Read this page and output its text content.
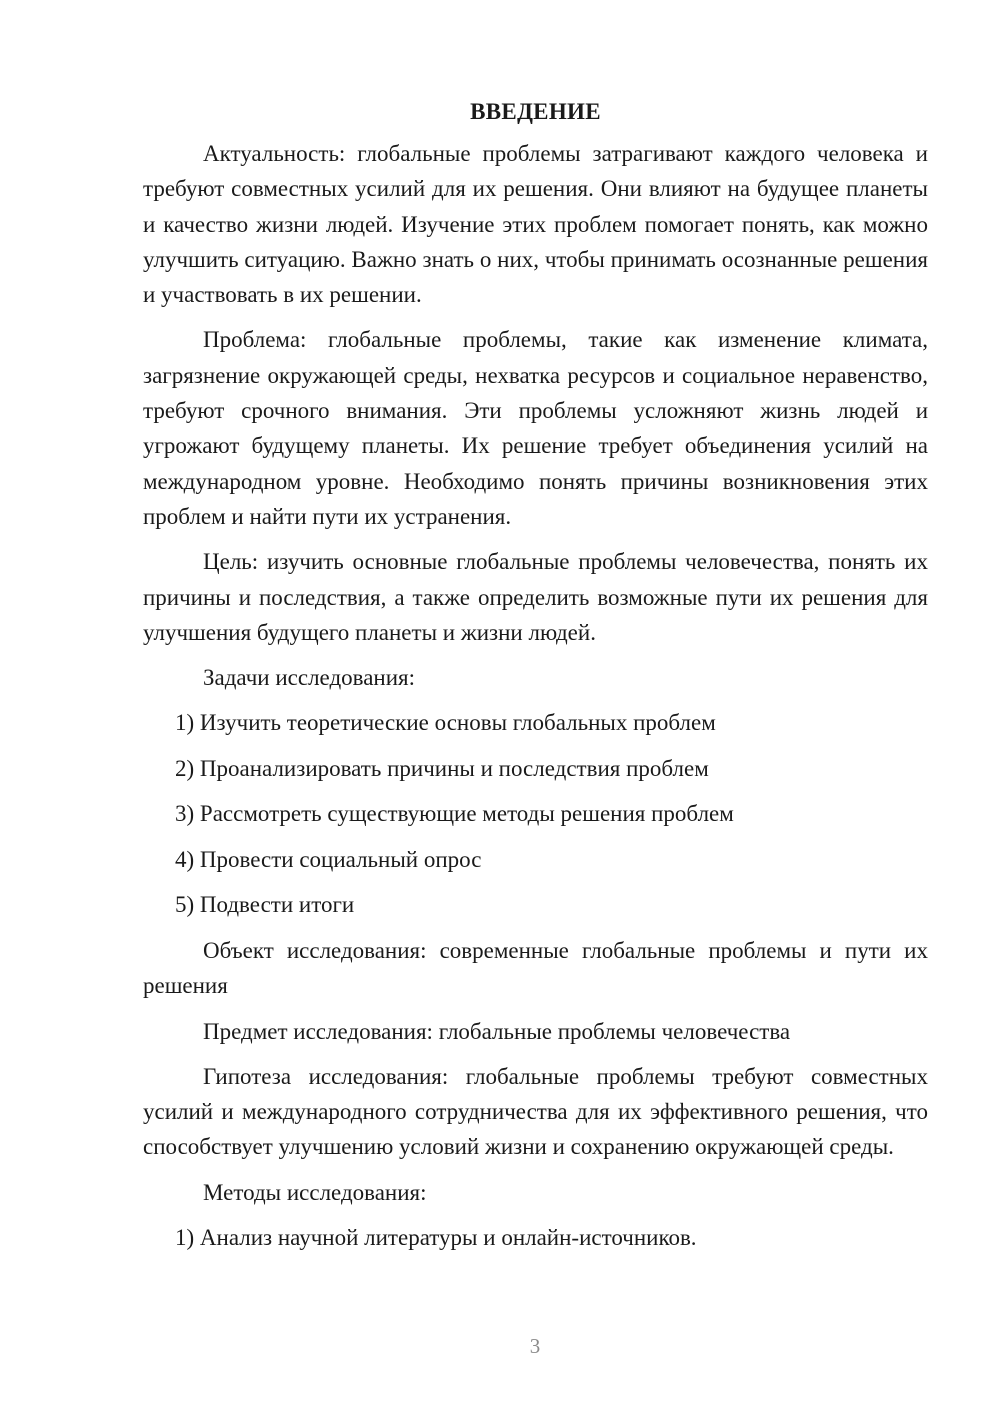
ВВЕДЕНИЕ

Актуальность: глобальные проблемы затрагивают каждого человека и требуют совместных усилий для их решения. Они влияют на будущее планеты и качество жизни людей. Изучение этих проблем помогает понять, как можно улучшить ситуацию. Важно знать о них, чтобы принимать осознанные решения и участвовать в их решении.

Проблема: глобальные проблемы, такие как изменение климата, загрязнение окружающей среды, нехватка ресурсов и социальное неравенство, требуют срочного внимания. Эти проблемы усложняют жизнь людей и угрожают будущему планеты. Их решение требует объединения усилий на международном уровне. Необходимо понять причины возникновения этих проблем и найти пути их устранения.

Цель: изучить основные глобальные проблемы человечества, понять их причины и последствия, а также определить возможные пути их решения для улучшения будущего планеты и жизни людей.

Задачи исследования:

1) Изучить теоретические основы глобальных проблем
2) Проанализировать причины и последствия проблем
3) Рассмотреть существующие методы решения проблем
4) Провести социальный опрос
5) Подвести итоги

Объект исследования: современные глобальные проблемы и пути их решения

Предмет исследования: глобальные проблемы человечества

Гипотеза исследования: глобальные проблемы требуют совместных усилий и международного сотрудничества для их эффективного решения, что способствует улучшению условий жизни и сохранению окружающей среды.

Методы исследования:

1) Анализ научной литературы и онлайн-источников.
3
